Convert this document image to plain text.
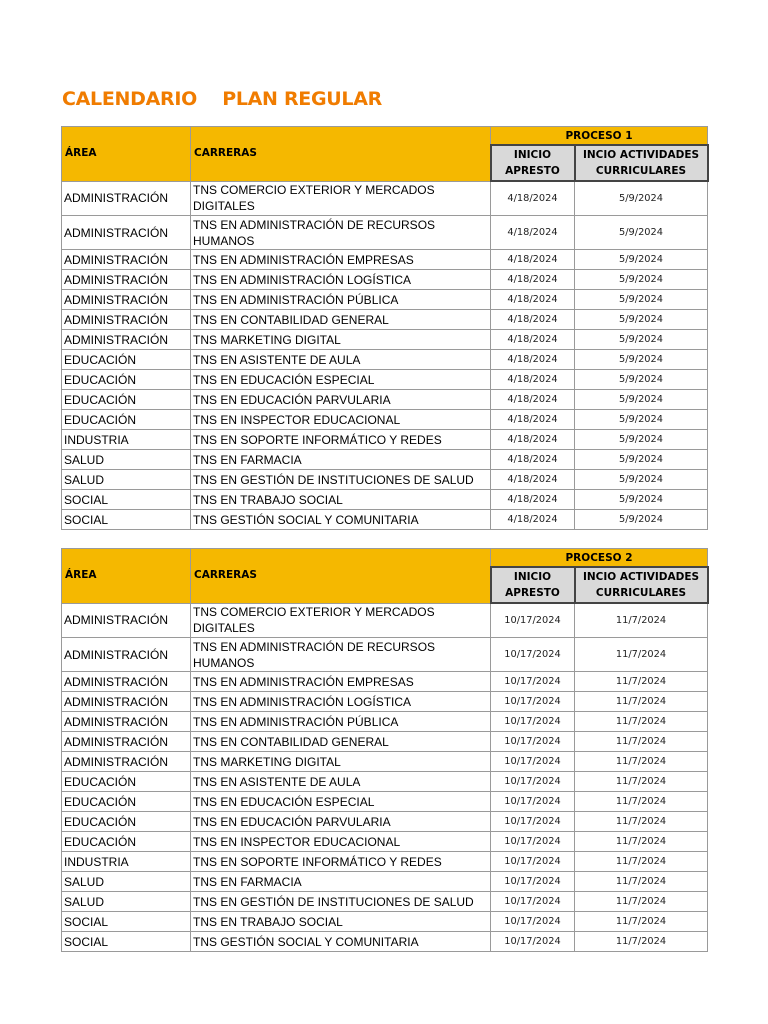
CALENDARIO    PLAN REGULAR
ÁREA	CARRERAS	PROCESO 1	
		INICIO APRESTO	INCIO ACTIVIDADES CURRICULARES
ADMINISTRACIÓN	TNS COMERCIO EXTERIOR Y MERCADOS DIGITALES	4/18/2024	5/9/2024
ADMINISTRACIÓN	TNS EN ADMINISTRACIÓN DE RECURSOS HUMANOS	4/18/2024	5/9/2024
ADMINISTRACIÓN	TNS EN ADMINISTRACIÓN EMPRESAS	4/18/2024	5/9/2024
ADMINISTRACIÓN	TNS EN ADMINISTRACIÓN LOGÍSTICA	4/18/2024	5/9/2024
ADMINISTRACIÓN	TNS EN ADMINISTRACIÓN PÚBLICA	4/18/2024	5/9/2024
ADMINISTRACIÓN	TNS EN CONTABILIDAD GENERAL	4/18/2024	5/9/2024
ADMINISTRACIÓN	TNS MARKETING DIGITAL	4/18/2024	5/9/2024
EDUCACIÓN	TNS EN ASISTENTE DE AULA	4/18/2024	5/9/2024
EDUCACIÓN	TNS EN EDUCACIÓN ESPECIAL	4/18/2024	5/9/2024
EDUCACIÓN	TNS EN EDUCACIÓN PARVULARIA	4/18/2024	5/9/2024
EDUCACIÓN	TNS EN INSPECTOR EDUCACIONAL	4/18/2024	5/9/2024
INDUSTRIA	TNS EN SOPORTE INFORMÁTICO Y REDES	4/18/2024	5/9/2024
SALUD	TNS EN FARMACIA	4/18/2024	5/9/2024
SALUD	TNS EN GESTIÓN DE INSTITUCIONES DE SALUD	4/18/2024	5/9/2024
SOCIAL	TNS EN TRABAJO SOCIAL	4/18/2024	5/9/2024
SOCIAL	TNS GESTIÓN SOCIAL Y COMUNITARIA	4/18/2024	5/9/2024
ÁREA	CARRERAS	PROCESO 2	
		INICIO APRESTO	INCIO ACTIVIDADES CURRICULARES
ADMINISTRACIÓN	TNS COMERCIO EXTERIOR Y MERCADOS DIGITALES	10/17/2024	11/7/2024
ADMINISTRACIÓN	TNS EN ADMINISTRACIÓN DE RECURSOS HUMANOS	10/17/2024	11/7/2024
ADMINISTRACIÓN	TNS EN ADMINISTRACIÓN EMPRESAS	10/17/2024	11/7/2024
ADMINISTRACIÓN	TNS EN ADMINISTRACIÓN LOGÍSTICA	10/17/2024	11/7/2024
ADMINISTRACIÓN	TNS EN ADMINISTRACIÓN PÚBLICA	10/17/2024	11/7/2024
ADMINISTRACIÓN	TNS EN CONTABILIDAD GENERAL	10/17/2024	11/7/2024
ADMINISTRACIÓN	TNS MARKETING DIGITAL	10/17/2024	11/7/2024
EDUCACIÓN	TNS EN ASISTENTE DE AULA	10/17/2024	11/7/2024
EDUCACIÓN	TNS EN EDUCACIÓN ESPECIAL	10/17/2024	11/7/2024
EDUCACIÓN	TNS EN EDUCACIÓN PARVULARIA	10/17/2024	11/7/2024
EDUCACIÓN	TNS EN INSPECTOR EDUCACIONAL	10/17/2024	11/7/2024
INDUSTRIA	TNS EN SOPORTE INFORMÁTICO Y REDES	10/17/2024	11/7/2024
SALUD	TNS EN FARMACIA	10/17/2024	11/7/2024
SALUD	TNS EN GESTIÓN DE INSTITUCIONES DE SALUD	10/17/2024	11/7/2024
SOCIAL	TNS EN TRABAJO SOCIAL	10/17/2024	11/7/2024
SOCIAL	TNS GESTIÓN SOCIAL Y COMUNITARIA	10/17/2024	11/7/2024
